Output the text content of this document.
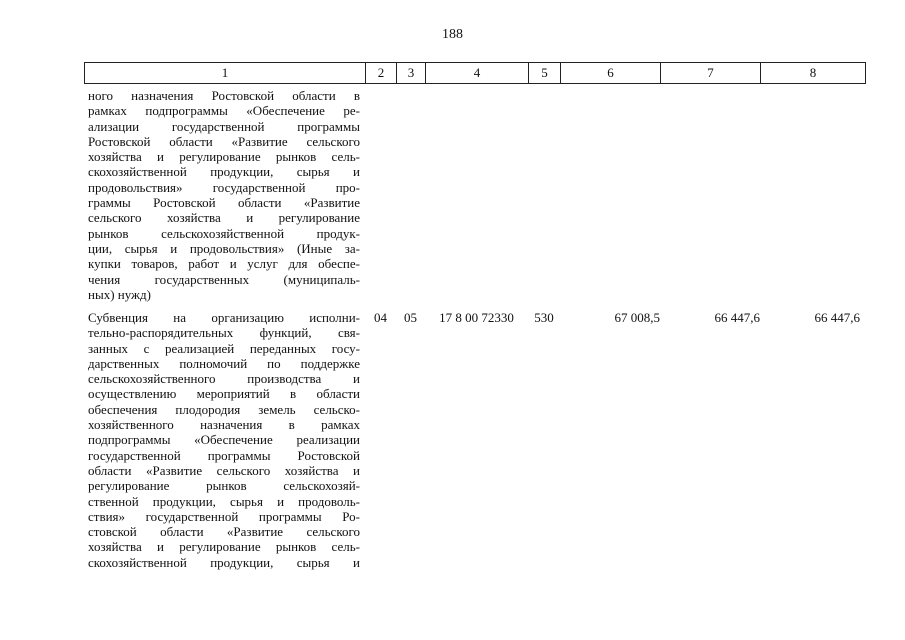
188
1	2	3	4	5	6	7	8
ного назначения Ростовской области в
рамках подпрограммы «Обеспечение ре-
ализации государственной программы
Ростовской области «Развитие сельского
хозяйства и регулирование рынков сель-
скохозяйственной продукции, сырья и
продовольствия» государственной про-
граммы Ростовской области «Развитие
сельского хозяйства и регулирование
рынков сельскохозяйственной продук-
ции, сырья и продовольствия» (Иные за-
купки товаров, работ и услуг для обеспе-
чения государственных (муниципаль-
ных) нужд)
Субвенция на организацию исполни-
тельно-распорядительных функций, свя-
занных с реализацией переданных госу-
дарственных полномочий по поддержке
сельскохозяйственного производства и
осуществлению мероприятий в области
обеспечения плодородия земель сельско-
хозяйственного назначения в рамках
подпрограммы «Обеспечение реализации
государственной программы Ростовской
области «Развитие сельского хозяйства и
регулирование рынков сельскохозяй-
ственной продукции, сырья и продоволь-
ствия» государственной программы Ро-
стовской области «Развитие сельского
хозяйства и регулирование рынков сель-
скохозяйственной продукции, сырья и
04	05	17 8 00 72330	530	67 008,5	66 447,6	66 447,6
